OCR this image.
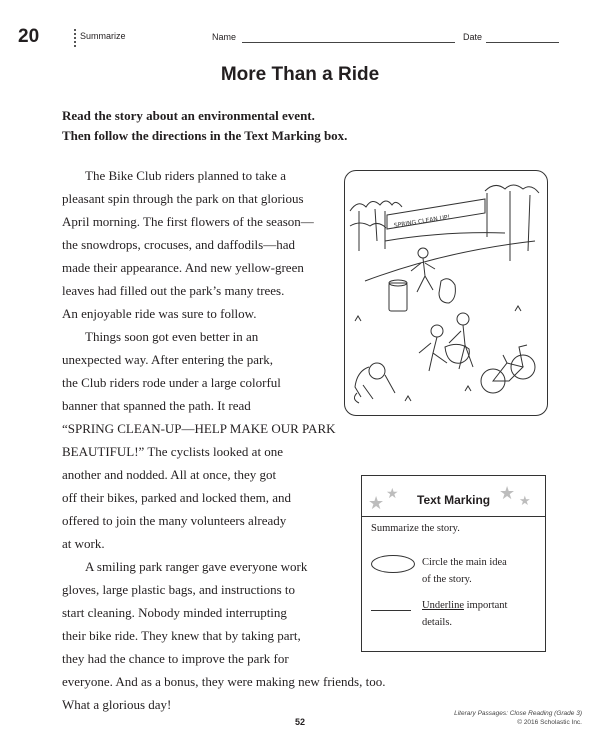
20	Summarize	Name	Date
More Than a Ride
Read the story about an environmental event.
Then follow the directions in the Text Marking box.
The Bike Club riders planned to take a
pleasant spin through the park on that glorious
April morning. The first flowers of the season—
the snowdrops, crocuses, and daffodils—had
made their appearance. And new yellow-green
leaves had filled out the park’s many trees.
An enjoyable ride was sure to follow.
Things soon got even better in an
unexpected way. After entering the park,
the Club riders rode under a large colorful
banner that spanned the path. It read
“SPRING CLEAN-UP—HELP MAKE OUR PARK
BEAUTIFUL!” The cyclists looked at one
another and nodded. All at once, they got
off their bikes, parked and locked them, and
offered to join the many volunteers already
at work.
A smiling park ranger gave everyone work
gloves, large plastic bags, and instructions to
start cleaning. Nobody minded interrupting
their bike ride. They knew that by taking part,
they had the chance to improve the park for
everyone. And as a bonus, they were making new friends, too.
What a glorious day!
SPRING CLEAN UP!
★ ★	★ ★
Text Marking
Summarize the story.
Circle the main idea
of the story.
Underline important
details.
52
Literary Passages: Close Reading (Grade 3)
© 2016 Scholastic Inc.
